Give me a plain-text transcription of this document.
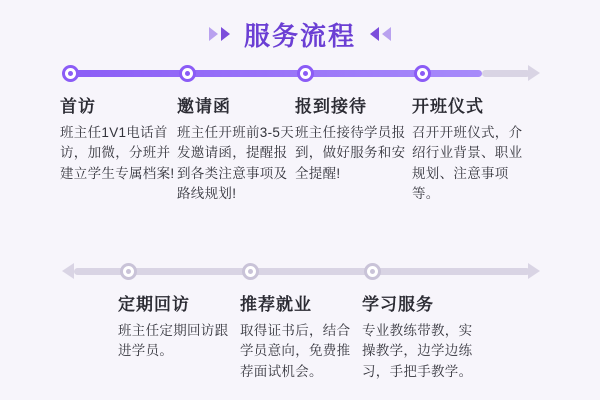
服务流程
首访
班主任1V1电话首访，加微，分班并建立学生专属档案!
邀请函
班主任开班前3‑5天发邀请函，提醒报到各类注意事项及路线规划!
报到接待
班主任接待学员报到，做好服务和安全提醒!
开班仪式
召开开班仪式，介绍行业背景、职业规划、注意事项等。
定期回访
班主任定期回访跟进学员。
推荐就业
取得证书后，结合学员意向，免费推荐面试机会。
学习服务
专业教练带教，实操教学，边学边练习，手把手教学。
